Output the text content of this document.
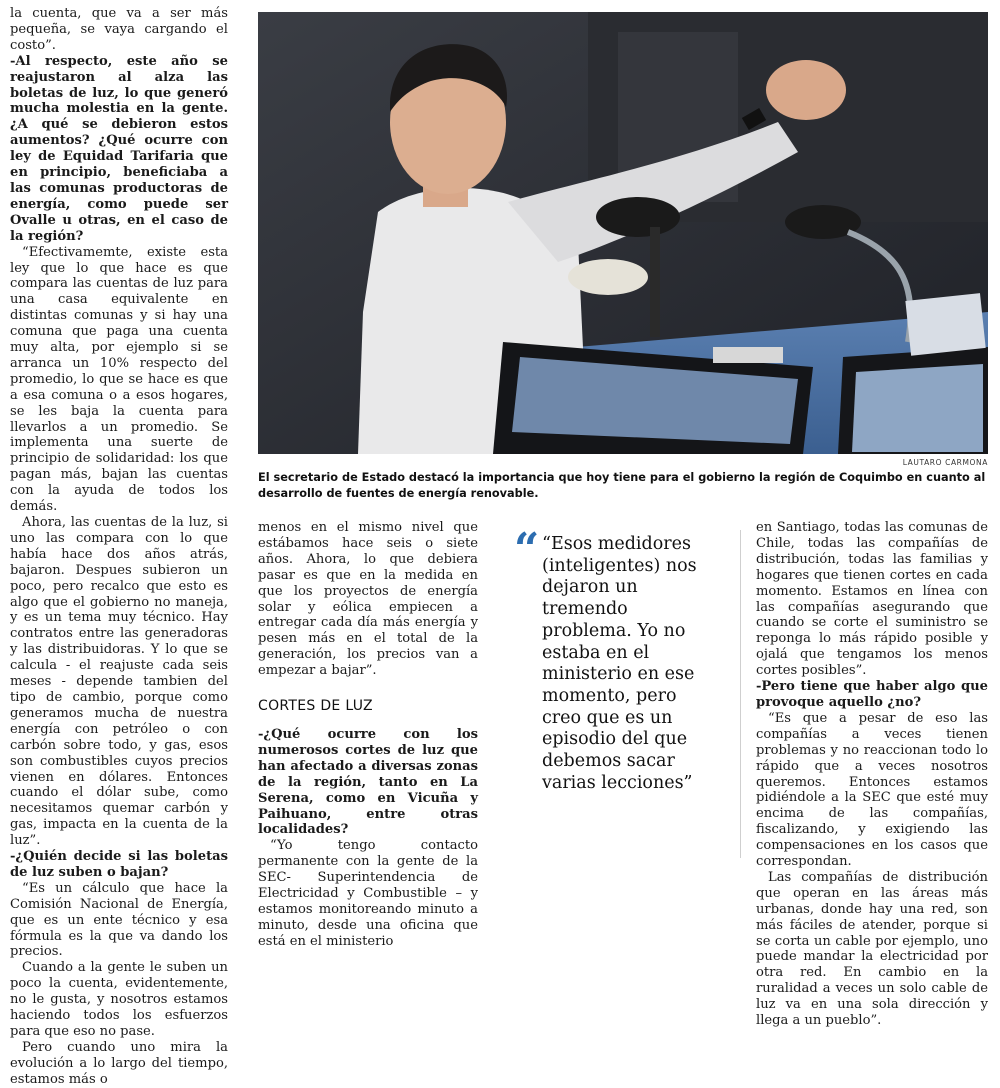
la cuenta, que va a ser más pequeña, se vaya cargando el costo”.

-Al respecto, este año se reajustaron al alza las boletas de luz, lo que generó mucha molestia en la gente. ¿A qué se debieron estos aumentos? ¿Qué ocurre con ley de Equidad Tarifaria que en principio, beneficiaba a las comunas productoras de energía, como puede ser Ovalle u otras, en el caso de la región?

“Efectivamemte, existe esta ley que lo que hace es que compara las cuentas de luz para una casa equivalente en distintas comunas y si hay una comuna que paga una cuenta muy alta, por ejemplo si se arranca un 10% respecto del promedio, lo que se hace es que a esa comuna o a esos hogares, se les baja la cuenta para llevarlos a un promedio. Se implementa una suerte de principio de solidaridad: los que pagan más, bajan las cuentas con la ayuda de todos los demás.

Ahora, las cuentas de la luz, si uno las compara con lo que había hace dos años atrás, bajaron. Despues subieron un poco, pero recalco que esto es algo que el gobierno no maneja, y es un tema muy técnico. Hay contratos entre las generadoras y las distribuidoras. Y lo que se calcula - el reajuste cada seis meses - depende tambien del tipo de cambio, porque como generamos mucha de nuestra energía con petróleo o con carbón sobre todo, y gas, esos son combustibles cuyos precios vienen en dólares. Entonces cuando el dólar sube, como necesitamos quemar carbón y gas, impacta en la cuenta de la luz”.

-¿Quién decide si las boletas de luz suben o bajan?

“Es un cálculo que hace la Comisión Nacional de Energía, que es un ente técnico y esa fórmula es la que va dando los precios.

Cuando a la gente le suben un poco la cuenta, evidentemente, no le gusta, y nosotros estamos haciendo todos los esfuerzos para que eso no pase.

Pero cuando uno mira la evolución a lo largo del tiempo, estamos más o

LAUTARO CARMONA
El secretario de Estado destacó la importancia que hoy tiene para el gobierno la región de Coquimbo en cuanto al desarrollo de fuentes de energía renovable.

menos en el mismo nivel que estábamos hace seis o siete años. Ahora, lo que debiera pasar es que en la medida en que los proyectos de energía solar y eólica empiecen a entregar cada día más energía y pesen más en el total de la generación, los precios van a empezar a bajar”.

CORTES DE LUZ

-¿Qué ocurre con los numerosos cortes de luz que han afectado a diversas zonas de la región, tanto en La Serena, como en Vicuña y Paihuano, entre otras localidades?

“Yo tengo contacto permanente con la gente de la SEC- Superintendencia de Electricidad y Combustible – y estamos monitoreando minuto a minuto, desde una oficina que está en el ministerio

“ “Esos medidores (inteligentes) nos dejaron un tremendo problema. Yo no estaba en el ministerio en ese momento, pero creo que es un episodio del que debemos sacar varias lecciones”

en Santiago, todas las comunas de Chile, todas las compañías de distribución, todas las familias y hogares que tienen cortes en cada momento. Estamos en línea con las compañías asegurando que cuando se corte el suministro se reponga lo más rápido posible y ojalá que tengamos los menos cortes posibles”.

-Pero tiene que haber algo que provoque aquello ¿no?

“Es que a pesar de eso las compañías a veces tienen problemas y no reaccionan todo lo rápido que a veces nosotros queremos. Entonces estamos pidiéndole a la SEC que esté muy encima de las compañías, fiscalizando, y exigiendo las compensaciones en los casos que correspondan.

Las compañías de distribución que operan en las áreas más urbanas, donde hay una red, son más fáciles de atender, porque si se corta un cable por ejemplo, uno puede mandar la electricidad por otra red. En cambio en la ruralidad a veces un solo cable de luz va en una sola dirección y llega a un pueblo”.
